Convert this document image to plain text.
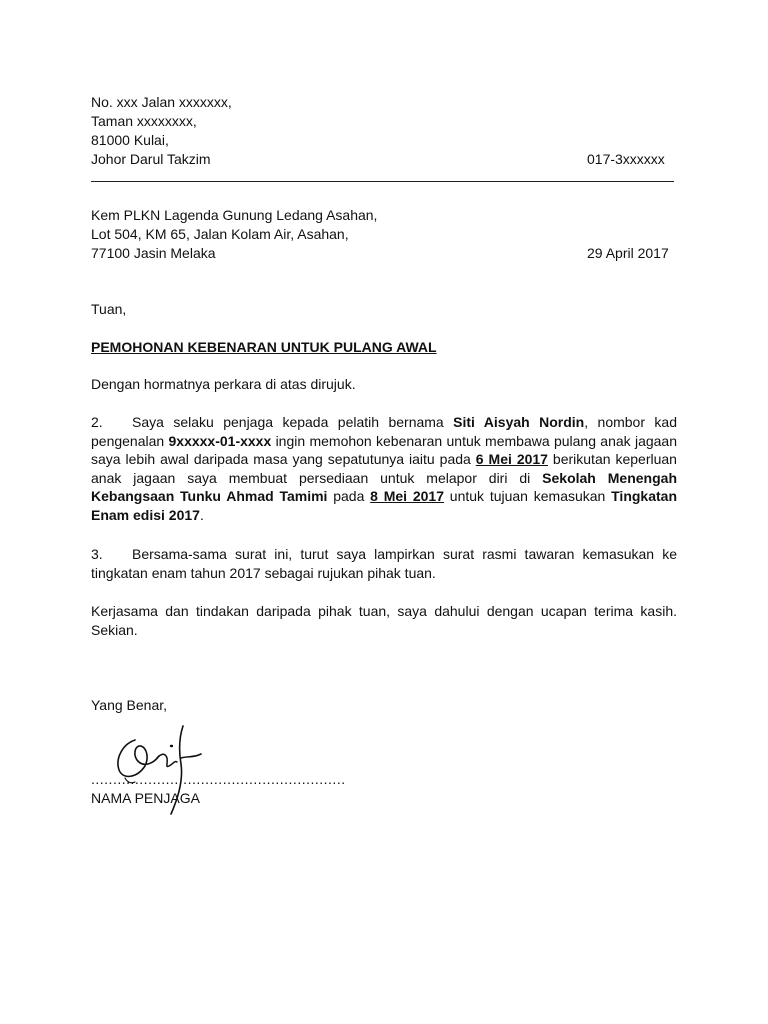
No. xxx Jalan xxxxxxx,
Taman xxxxxxxx,
81000 Kulai,
Johor Darul Takzim	017-3xxxxxx
Kem PLKN Lagenda Gunung Ledang Asahan,
Lot 504, KM 65, Jalan Kolam Air, Asahan,
77100 Jasin Melaka	29 April 2017
Tuan,
PEMOHONAN KEBENARAN UNTUK PULANG AWAL
Dengan hormatnya perkara di atas dirujuk.
2. Saya selaku penjaga kepada pelatih bernama Siti Aisyah Nordin, nombor kad pengenalan 9xxxxx-01-xxxx ingin memohon kebenaran untuk membawa pulang anak jagaan saya lebih awal daripada masa yang sepatutunya iaitu pada 6 Mei 2017 berikutan keperluan anak jagaan saya membuat persediaan untuk melapor diri di Sekolah Menengah Kebangsaan Tunku Ahmad Tamimi pada 8 Mei 2017 untuk tujuan kemasukan Tingkatan Enam edisi 2017.
3. Bersama-sama surat ini, turut saya lampirkan surat rasmi tawaran kemasukan ke tingkatan enam tahun 2017 sebagai rujukan pihak tuan.
Kerjasama dan tindakan daripada pihak tuan, saya dahului dengan ucapan terima kasih. Sekian.
Yang Benar,
..........................................................
NAMA PENJAGA
